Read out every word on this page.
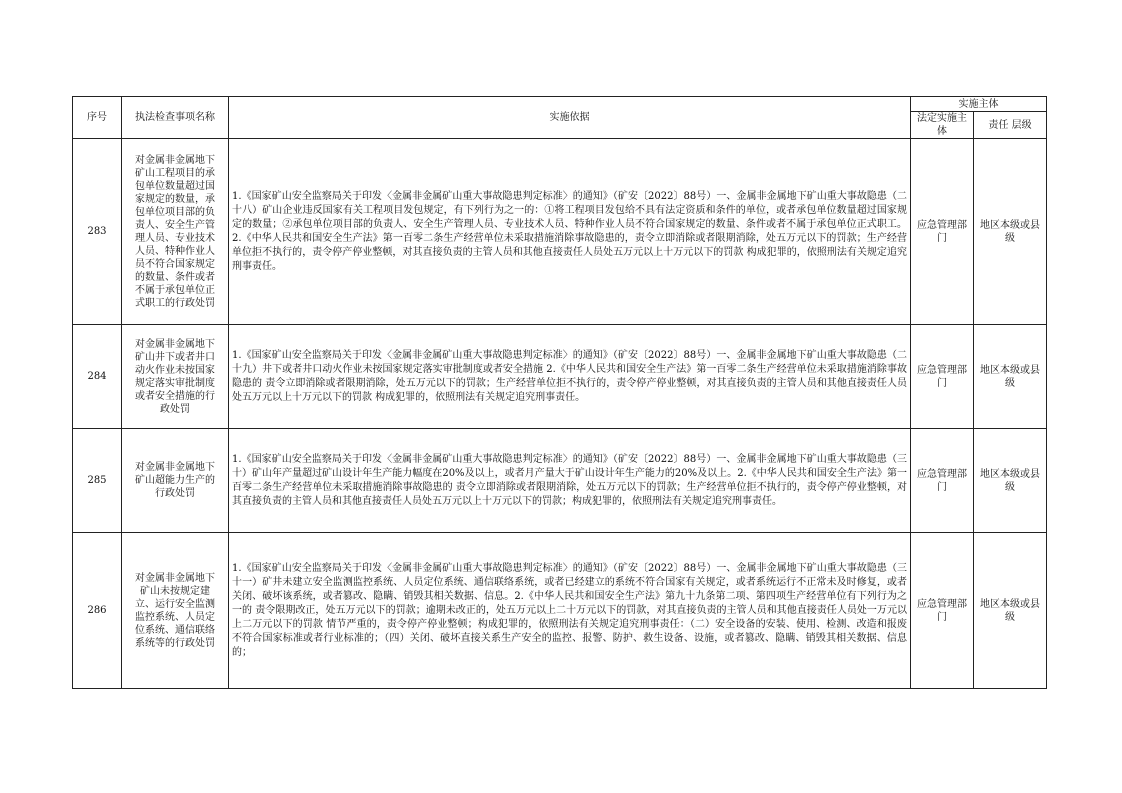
序号	执法检查事项名称	实施依据	实施主体	
			法定实施主体	责任 层级
283	对金属非金属地下矿山工程项目的承包单位数量超过国家规定的数量，承包单位项目部的负责人、安全生产管理人员、专业技术人员、特种作业人员不符合国家规定的数量、条件或者不属于承包单位正式职工的行政处罚	1.《国家矿山安全监察局关于印发〈金属非金属矿山重大事故隐患判定标准〉的通知》（矿安〔2022〕88号）一、金属非金属地下矿山重大事故隐患（二十八）矿山企业违反国家有关工程项目发包规定，有下列行为之一的：①将工程项目发包给不具有法定资质和条件的单位，或者承包单位数量超过国家规定的数量；②承包单位项目部的负责人、安全生产管理人员、专业技术人员、特种作业人员不符合国家规定的数量、条件或者不属于承包单位正式职工。2.《中华人民共和国安全生产法》第一百零二条生产经营单位未采取措施消除事故隐患的，责令立即消除或者限期消除，处五万元以下的罚款；生产经营单位拒不执行的，责令停产停业整顿，对其直接负责的主管人员和其他直接责任人员处五万元以上十万元以下的罚款 构成犯罪的，依照刑法有关规定追究刑事责任。	应急管理部门	地区本级或县级
284	对金属非金属地下矿山井下或者井口动火作业未按国家规定落实审批制度或者安全措施的行政处罚	1.《国家矿山安全监察局关于印发〈金属非金属矿山重大事故隐患判定标准〉的通知》（矿安〔2022〕88号）一、金属非金属地下矿山重大事故隐患（二十九）井下或者井口动火作业未按国家规定落实审批制度或者安全措施 2.《中华人民共和国安全生产法》第一百零二条生产经营单位未采取措施消除事故隐患的 责令立即消除或者限期消除，处五万元以下的罚款；生产经营单位拒不执行的，责令停产停业整顿，对其直接负责的主管人员和其他直接责任人员处五万元以上十万元以下的罚款 构成犯罪的，依照刑法有关规定追究刑事责任。	应急管理部门	地区本级或县级
285	对金属非金属地下矿山超能力生产的行政处罚	1.《国家矿山安全监察局关于印发〈金属非金属矿山重大事故隐患判定标准〉的通知》（矿安〔2022〕88号）一、金属非金属地下矿山重大事故隐患（三十）矿山年产量超过矿山设计年生产能力幅度在20%及以上，或者月产量大于矿山设计年生产能力的20%及以上。2.《中华人民共和国安全生产法》第一百零二条生产经营单位未采取措施消除事故隐患的 责令立即消除或者限期消除，处五万元以下的罚款；生产经营单位拒不执行的，责令停产停业整顿，对其直接负责的主管人员和其他直接责任人员处五万元以上十万元以下的罚款；构成犯罪的，依照刑法有关规定追究刑事责任。	应急管理部门	地区本级或县级
286	对金属非金属地下矿山未按规定建立、运行安全监测监控系统、人员定位系统、通信联络系统等的行政处罚	1.《国家矿山安全监察局关于印发〈金属非金属矿山重大事故隐患判定标准〉的通知》（矿安〔2022〕88号）一、金属非金属地下矿山重大事故隐患（三十一）矿井未建立安全监测监控系统、人员定位系统、通信联络系统，或者已经建立的系统不符合国家有关规定，或者系统运行不正常未及时修复，或者关闭、破坏该系统，或者篡改、隐瞒、销毁其相关数据、信息。2.《中华人民共和国安全生产法》第九十九条第二项、第四项生产经营单位有下列行为之一的 责令限期改正，处五万元以下的罚款；逾期未改正的，处五万元以上二十万元以下的罚款，对其直接负责的主管人员和其他直接责任人员处一万元以上二万元以下的罚款 情节严重的，责令停产停业整顿；构成犯罪的，依照刑法有关规定追究刑事责任：（二）安全设备的安装、使用、检测、改造和报废不符合国家标准或者行业标准的；（四）关闭、破坏直接关系生产安全的监控、报警、防护、救生设备、设施，或者篡改、隐瞒、销毁其相关数据、信息的；	应急管理部门	地区本级或县级
